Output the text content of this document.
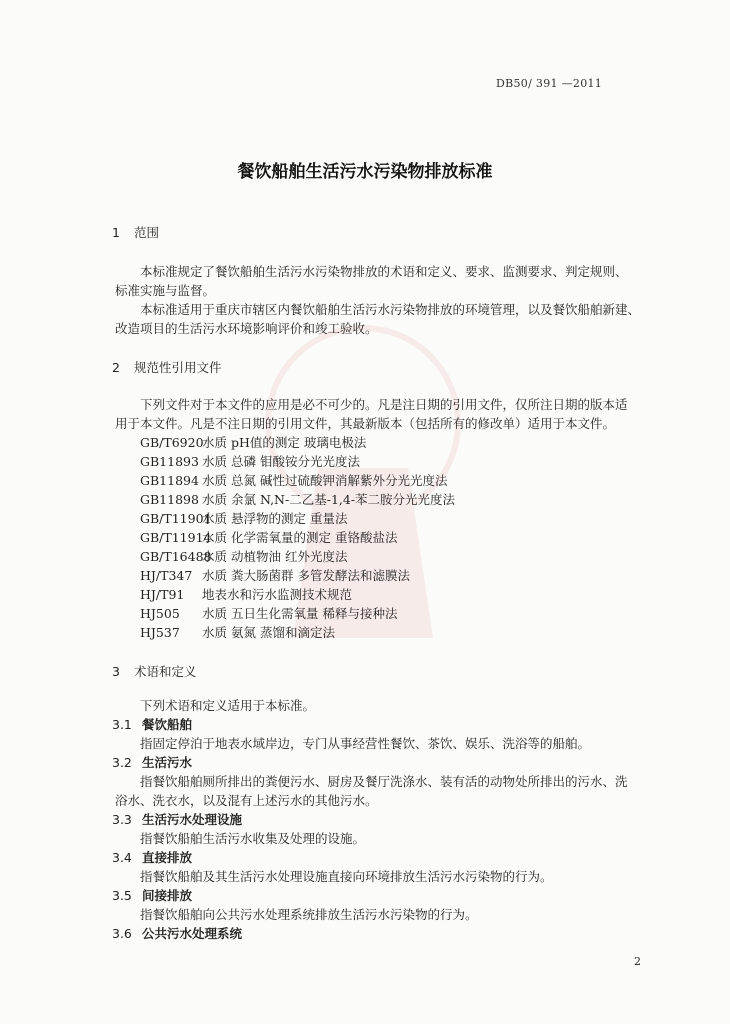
DB50/ 391 —2011
餐饮船舶生活污水污染物排放标准
1 范围
本标准规定了餐饮船舶生活污水污染物排放的术语和定义、要求、监测要求、判定规则、
标准实施与监督。
本标准适用于重庆市辖区内餐饮船舶生活污水污染物排放的环境管理，以及餐饮船舶新建、
改造项目的生活污水环境影响评价和竣工验收。
2 规范性引用文件
下列文件对于本文件的应用是必不可少的。凡是注日期的引用文件，仅所注日期的版本适
用于本文件。凡是不注日期的引用文件，其最新版本（包括所有的修改单）适用于本文件。
GB/T6920水质 pH值的测定 玻璃电极法
GB11893 水质 总磷 钼酸铵分光光度法
GB11894 水质 总氮 碱性过硫酸钾消解紫外分光光度法
GB11898 水质 余氯 N,N-二乙基-1,4-苯二胺分光光度法
GB/T11901水质 悬浮物的测定 重量法
GB/T11914水质 化学需氧量的测定 重铬酸盐法
GB/T16488水质 动植物油 红外光度法
HJ/T347 水质 粪大肠菌群 多管发酵法和滤膜法
HJ/T91 地表水和污水监测技术规范
HJ505 水质 五日生化需氧量 稀释与接种法
HJ537 水质 氨氮 蒸馏和滴定法
3 术语和定义
下列术语和定义适用于本标准。
3.1 餐饮船舶
指固定停泊于地表水域岸边，专门从事经营性餐饮、茶饮、娱乐、洗浴等的船舶。
3.2 生活污水
指餐饮船舶厕所排出的粪便污水、厨房及餐厅洗涤水、装有活的动物处所排出的污水、洗
浴水、洗衣水，以及混有上述污水的其他污水。
3.3 生活污水处理设施
指餐饮船舶生活污水收集及处理的设施。
3.4 直接排放
指餐饮船舶及其生活污水处理设施直接向环境排放生活污水污染物的行为。
3.5 间接排放
指餐饮船舶向公共污水处理系统排放生活污水污染物的行为。
3.6 公共污水处理系统
2
